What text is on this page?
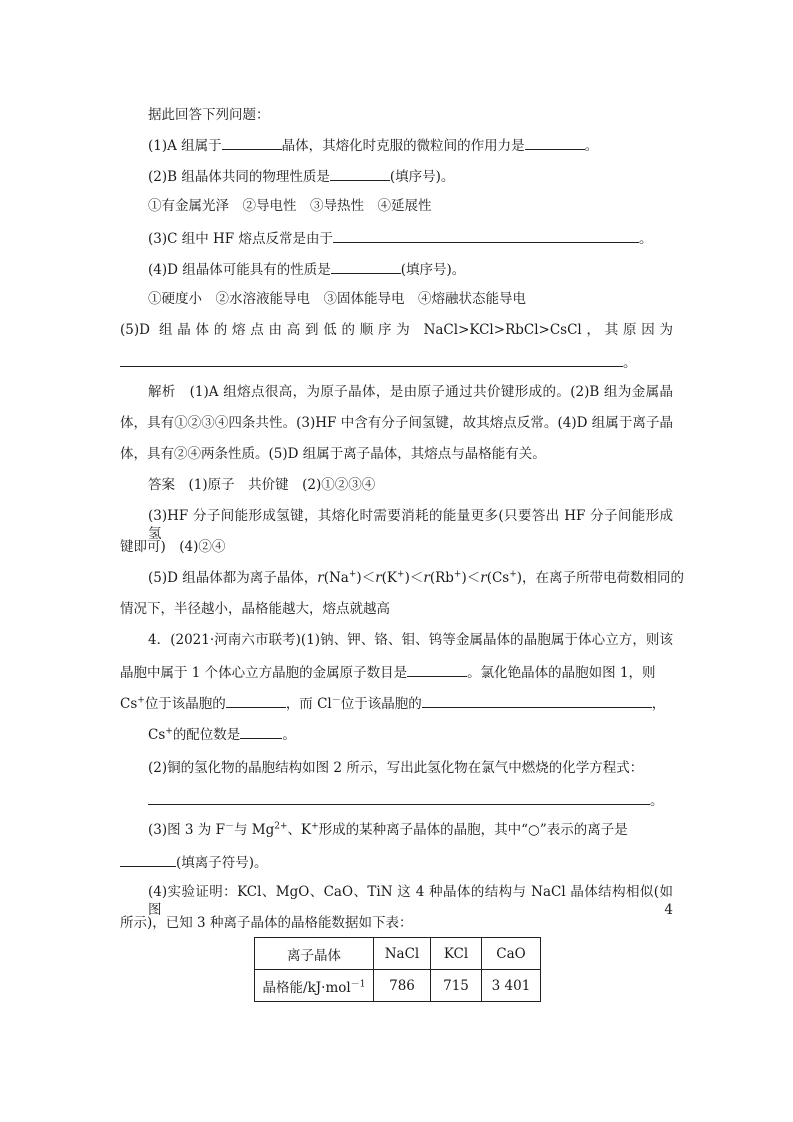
据此回答下列问题：
(1)A 组属于	晶体，其熔化时克服的微粒间的作用力是	。
(2)B 组晶体共同的物理性质是	(填序号)。
①有金属光泽　②导电性　③导热性　④延展性
(3)C 组中 HF 熔点反常是由于	。
(4)D 组晶体可能具有的性质是	(填序号)。
①硬度小　②水溶液能导电　③固体能导电　④熔融状态能导电
(5)D 组晶体的熔点由高到低的顺序为 NaCl>KCl>RbCl>CsCl，其原因为
。
解析　(1)A 组熔点很高，为原子晶体，是由原子通过共价键形成的。(2)B 组为金属晶
体，具有①②③④四条共性。(3)HF 中含有分子间氢键，故其熔点反常。(4)D 组属于离子晶
体，具有②④两条性质。(5)D 组属于离子晶体，其熔点与晶格能有关。
答案　(1)原子　共价键　(2)①②③④
(3)HF 分子间能形成氢键，其熔化时需要消耗的能量更多(只要答出 HF 分子间能形成氢
键即可)　(4)②④
(5)D 组晶体都为离子晶体，r(Na+)＜r(K+)＜r(Rb+)＜r(Cs+)，在离子所带电荷数相同的
情况下，半径越小，晶格能越大，熔点就越高
4．(2021·河南六市联考)(1)钠、钾、铬、钼、钨等金属晶体的晶胞属于体心立方，则该
晶胞中属于 1 个体心立方晶胞的金属原子数目是	。氯化铯晶体的晶胞如图 1，则
Cs+位于该晶胞的	，而 Cl－位于该晶胞的	，
Cs+的配位数是	。
(2)铜的氢化物的晶胞结构如图 2 所示，写出此氢化物在氯气中燃烧的化学方程式：
。
(3)图 3 为 F－与 $Mg^{2+}$、K+形成的某种离子晶体的晶胞，其中“○”表示的离子是
(填离子符号)。
(4)实验证明：KCl、MgO、CaO、TiN 这 4 种晶体的结构与 NaCl 晶体结构相似(如图 4
所示)，已知 3 种离子晶体的晶格能数据如下表：
离子晶体	NaCl	KCl	CaO
晶格能/kJ·mol$^{-1}$	786	715	3 401
